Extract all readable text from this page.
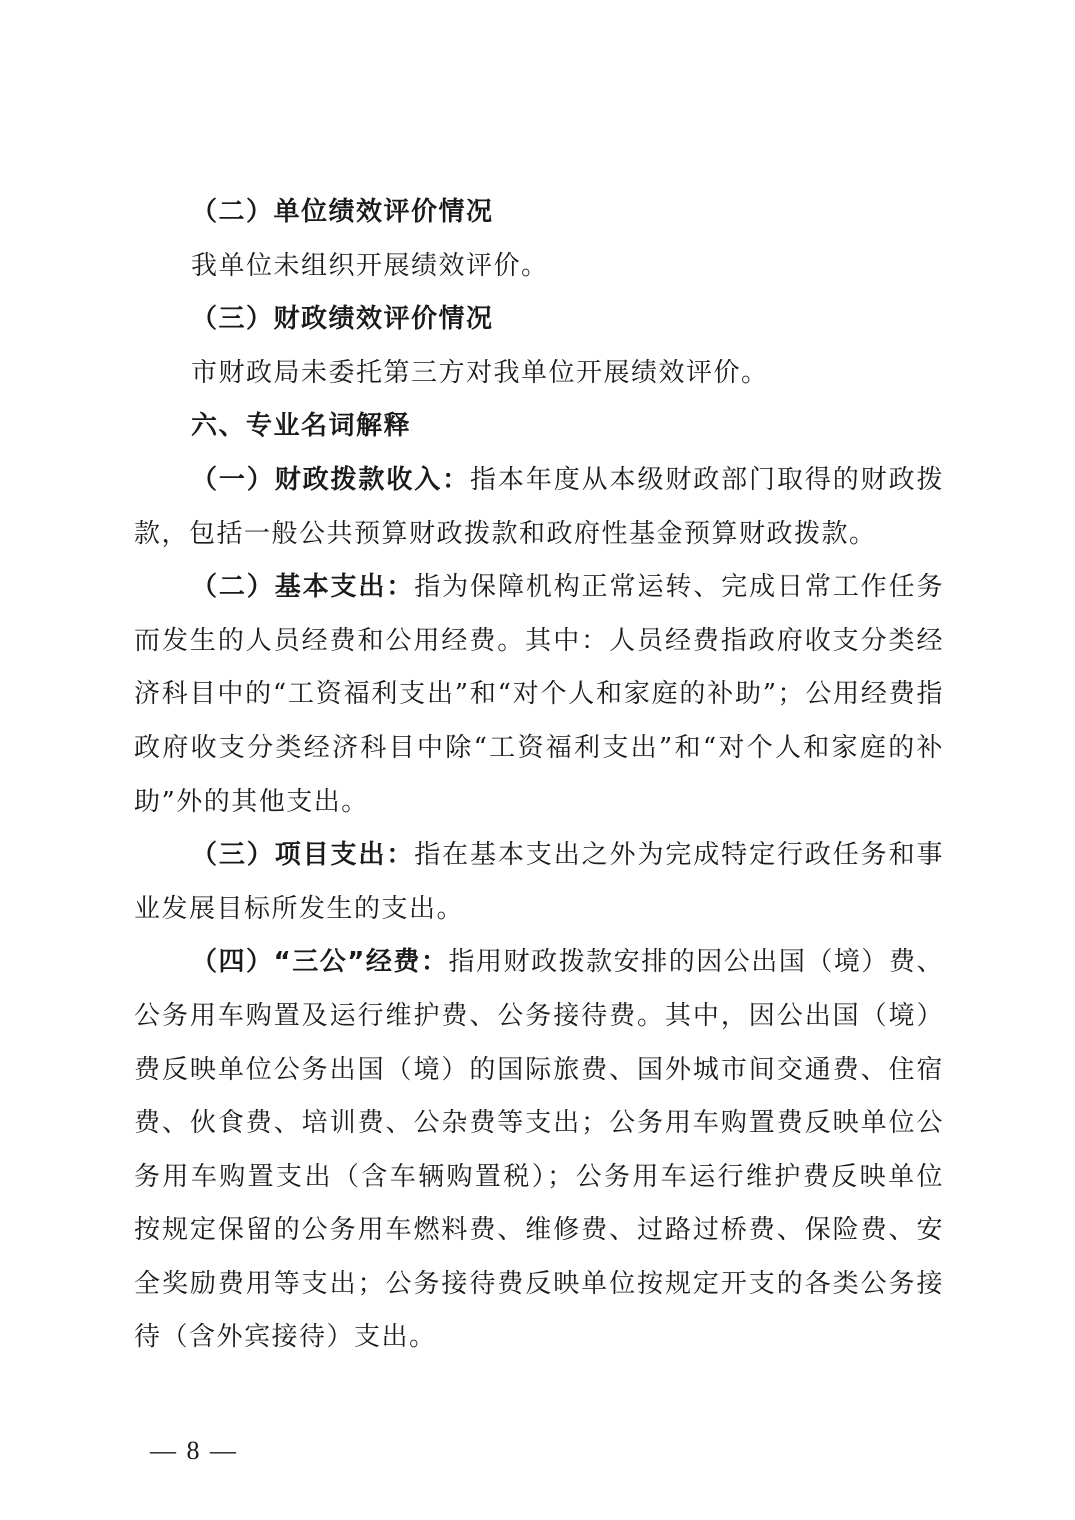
（二）单位绩效评价情况

我单位未组织开展绩效评价。

（三）财政绩效评价情况

市财政局未委托第三方对我单位开展绩效评价。

六、专业名词解释

（一）财政拨款收入：指本年度从本级财政部门取得的财政拨款，包括一般公共预算财政拨款和政府性基金预算财政拨款。

（二）基本支出：指为保障机构正常运转、完成日常工作任务而发生的人员经费和公用经费。其中：人员经费指政府收支分类经济科目中的“工资福利支出”和“对个人和家庭的补助”；公用经费指政府收支分类经济科目中除“工资福利支出”和“对个人和家庭的补助”外的其他支出。

（三）项目支出：指在基本支出之外为完成特定行政任务和事业发展目标所发生的支出。

（四）“三公”经费：指用财政拨款安排的因公出国（境）费、公务用车购置及运行维护费、公务接待费。其中，因公出国（境）费反映单位公务出国（境）的国际旅费、国外城市间交通费、住宿费、伙食费、培训费、公杂费等支出；公务用车购置费反映单位公务用车购置支出（含车辆购置税）；公务用车运行维护费反映单位按规定保留的公务用车燃料费、维修费、过路过桥费、保险费、安全奖励费用等支出；公务接待费反映单位按规定开支的各类公务接待（含外宾接待）支出。

— 8 —
